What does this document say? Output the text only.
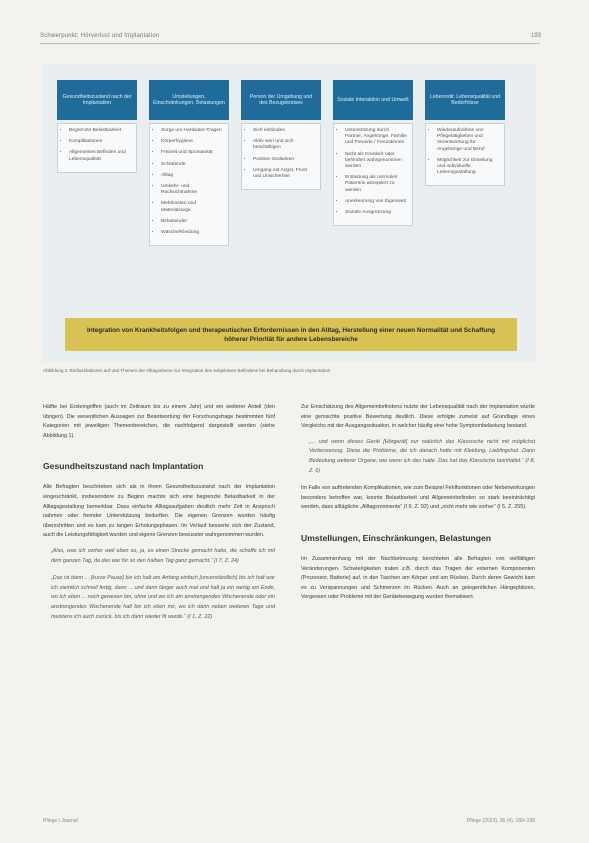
Schwerpunkt: Hörverlust und Implantation	193
Gesundheitszustand nach der Implantation
• Begrenzte Belastbarkeit
• Komplikationen
• Allgemeines Befinden und Lebensqualität
Umstellungen, Einschränkungen, Belastungen
• Sorge um Hardware-Tragen
• Körperhygiene
• Freizeit und Spontanität
• Schlafende
• Alltag
• Umkehr- und Rücksichtnahme
• Mehrkosten und Materialsorge
• Belastender
• Wäsche/Kleidung
Person der Umgebung und des Bezugskreises
• Sich einbinden
• Aktiv sein und sich beschäftigen
• Positive Gedanken
• Umgang mit Angst, Frust und Unsicherheit
Soziale Interaktion und Umwelt
• Unterstützung durch Partner, Angehörige, Familie und Freunde / Freundinnen
• Nicht als Kranke/r oder behindert wahrgenommen werden
• Entlastung als normale/r Patient/in akzeptiert zu werden
• Anerkennung von Eigenwelt
• Soziale Ausgrenzung
Lebensstil: Lebensqualität und Bedürfnisse
• Wiederaufnahme von Pflegetätigkeiten und Verantwortung für Angehörige und Beruf
• Möglichkeit zur Einteilung und individuelle Lebensgestaltung
Integration von Krankheitsfolgen und therapeutischen Erfordernissen in den Alltag, Herstellung einer neuen Normalität und Schaffung höherer Priorität für andere Lebensbereiche
Abbildung 1. Einflussfaktoren auf und Themen der Alltagsebene zur Integration des subjektiven Befindens bei Behandlung durch Implantation

Hälfte bei Ersteingriffen (auch im Zeitraum bis zu einem Jahr) und ein weiterer Anteil (den übrigen). Die wesentlichen Aussagen zur Beantwortung der Forschungsfrage bestimmten fünf Kategorien mit jeweiligen Themenbereichen, die nachfolgend dargestellt werden (siehe Abbildung 1).

Gesundheitszustand nach Implantation

Alle Befragten beschrieben sich als in ihrem Gesundheitszustand nach der Implantation eingeschränkt, insbesondere zu Beginn machte sich eine begrenzte Belastbarkeit in der Alltagsgestaltung bemerkbar. Dass einfache Alltagsaufgaben deutlich mehr Zeit in Anspruch nahmen oder fremder Unterstützung bedurften. Die eigenen Grenzen wurden häufig überschritten und es kam zu langen Erholungsphasen. Im Verlauf besserte sich der Zustand, auch die Leistungsfähigkeit wurden und eigene Grenzen bewusster wahrgenommen wurden.

„Also, was ich vorher weil eben so, ja, es einen Strecke gemacht habe, die schaffe ich mit dem ganzen Tag, da das war für so den halben Tag ganz gemacht.“ (I 7, Z. 24)

„Das ist dann ... [kurze Pause] bis ich halt am Anfang einfach [unverständlich] bis ich halt war ich ziemlich schnell fertig, dann ... und dann länger auch mal und halt ja ein wenig am Ende, wo ich eben ... noch gewesen bin, ohne und wo ich am anstrengenden Wochenende oder ein anstrengendes Wochenende halt bin ich eben mir, wo ich dann neben weiteren Tage und meistens ich auch zurück, bis ich dann wieder fit wurde.“ (I 1, Z. 22)

Zur Einschätzung des Allgemeinbefindens nutzte der Lebensqualität nach der Implantation wurde eine gemischte positive Bewertung deutlich. Diese erfolgte zumeist auf Grundlage eines Vergleichs mit der Ausgangssituation, in welcher häufig eine hohe Symptombelastung bestand.

„... und wenn dieses Gerät [Hörgerät] nur natürlich das Klassische nicht mit möglichst Verbesserung. Diese die Probleme, die ich danach hatte mit Kleidung, Lieblingshut. Dann Bedeutung weiterer Organe, wie wenn ich das hatte. Das hat das Klassische beinhaltet.“ (I 8, Z. 6)

Im Falle von auftretenden Komplikationen, wie zum Beispiel Fehlfunktionen oder Nebenwirkungen besonders betroffen war, konnte Belastbarkeit und Allgemeinbefinden so stark beeinträchtigt werden, dass alltägliche „Alltagsmomente“ (I 9, Z. 92) und „nicht mehr wie vorher“ (I 5, Z. 255).

Umstellungen, Einschränkungen, Belastungen

Im Zusammenhang mit der Nachbetreuung berichteten alle Befragten von vielfältigen Veränderungen. Schwierigkeiten traten z.B. durch das Tragen der externen Komponenten (Prozessor, Batterie) auf, in den Taschen am Körper und am Rücken. Durch deren Gewicht kam es zu Verspannungen und Schmerzen im Rücken. Auch an gelegentlichen Hängeplätzen, Vergessen oder Probleme mit der Gerätebewegung wurden thematisiert.

Pflege / Journal	Pflege (2023), 36 (4), 189–198
